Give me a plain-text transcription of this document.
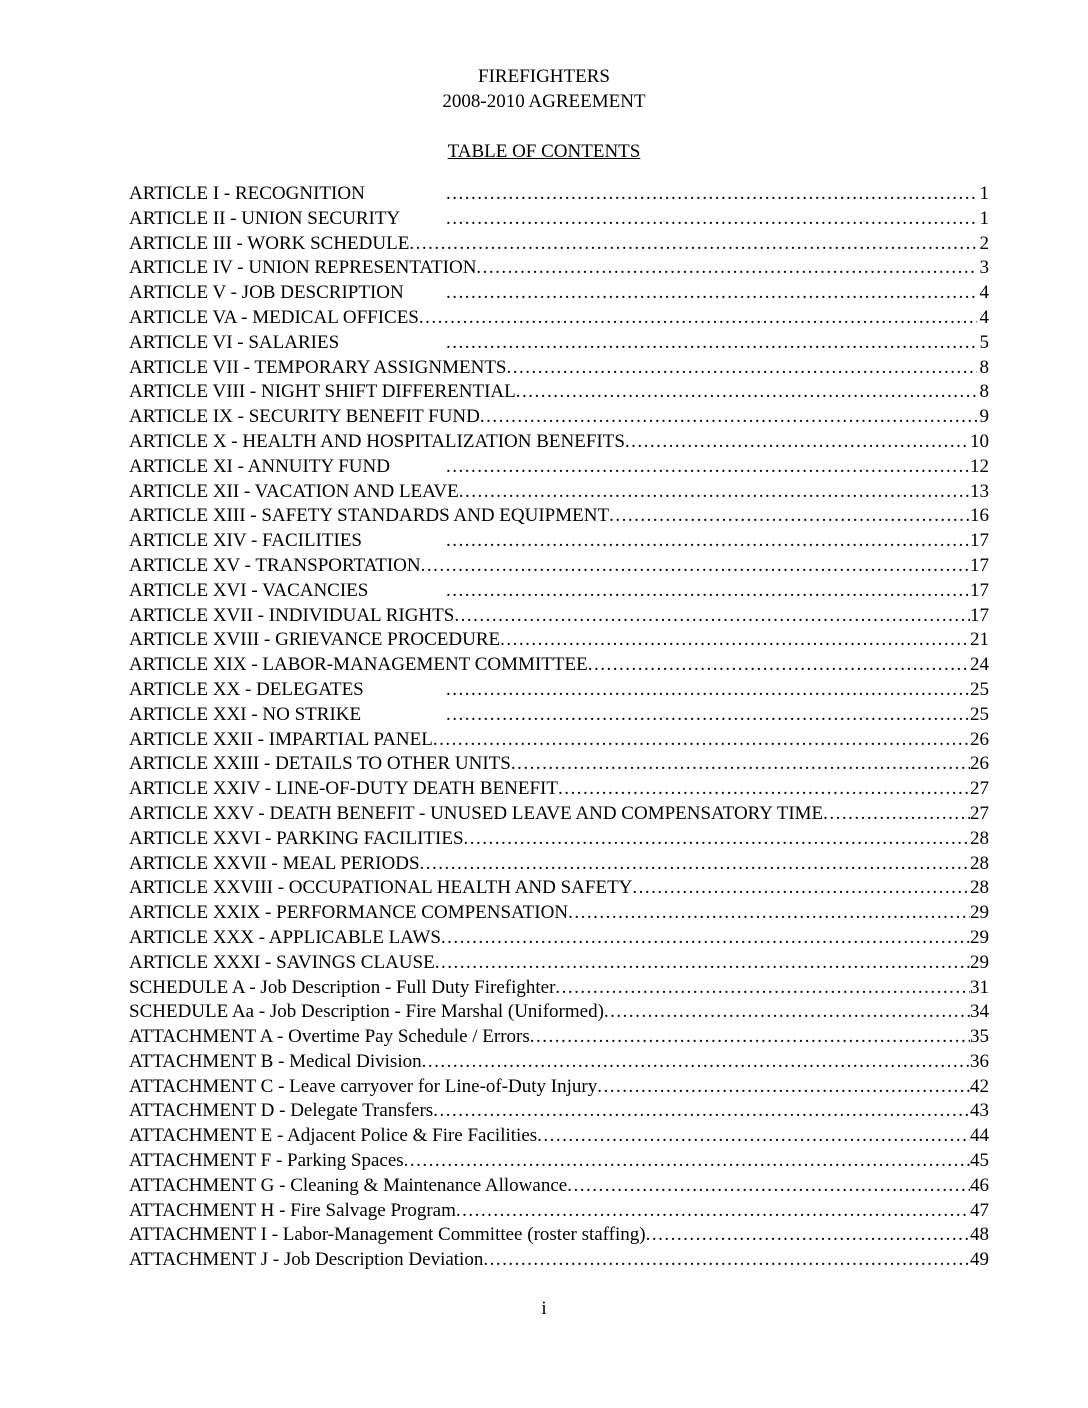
FIREFIGHTERS
2008-2010 AGREEMENT
TABLE OF CONTENTS
ARTICLE I - RECOGNITION .....	1
ARTICLE II - UNION SECURITY .....	1
ARTICLE III - WORK SCHEDULE .....	2
ARTICLE IV - UNION REPRESENTATION .....	3
ARTICLE V - JOB DESCRIPTION .....	4
ARTICLE VA - MEDICAL OFFICES .....	4
ARTICLE VI - SALARIES .....	5
ARTICLE VII - TEMPORARY ASSIGNMENTS .....	8
ARTICLE VIII - NIGHT SHIFT DIFFERENTIAL .....	8
ARTICLE IX - SECURITY BENEFIT FUND .....	9
ARTICLE X - HEALTH AND HOSPITALIZATION BENEFITS .....	10
ARTICLE XI - ANNUITY FUND .....	12
ARTICLE XII - VACATION AND LEAVE .....	13
ARTICLE XIII - SAFETY STANDARDS AND EQUIPMENT .....	16
ARTICLE XIV - FACILITIES .....	17
ARTICLE XV - TRANSPORTATION .....	17
ARTICLE XVI - VACANCIES .....	17
ARTICLE XVII - INDIVIDUAL RIGHTS .....	17
ARTICLE XVIII - GRIEVANCE PROCEDURE .....	21
ARTICLE XIX - LABOR-MANAGEMENT COMMITTEE .....	24
ARTICLE XX - DELEGATES .....	25
ARTICLE XXI - NO STRIKE .....	25
ARTICLE XXII - IMPARTIAL PANEL .....	26
ARTICLE XXIII - DETAILS TO OTHER UNITS .....	26
ARTICLE XXIV - LINE-OF-DUTY DEATH BENEFIT .....	27
ARTICLE XXV - DEATH BENEFIT - UNUSED LEAVE AND COMPENSATORY TIME .....	27
ARTICLE XXVI - PARKING FACILITIES .....	28
ARTICLE XXVII - MEAL PERIODS .....	28
ARTICLE XXVIII - OCCUPATIONAL HEALTH AND SAFETY .....	28
ARTICLE XXIX - PERFORMANCE COMPENSATION .....	29
ARTICLE XXX - APPLICABLE LAWS .....	29
ARTICLE XXXI - SAVINGS CLAUSE .....	29
SCHEDULE A - Job Description - Full Duty Firefighter .....	31
SCHEDULE Aa - Job Description - Fire Marshal (Uniformed) .....	34
ATTACHMENT A - Overtime Pay Schedule / Errors .....	35
ATTACHMENT B - Medical Division .....	36
ATTACHMENT C - Leave carryover for Line-of-Duty Injury .....	42
ATTACHMENT D - Delegate Transfers .....	43
ATTACHMENT E - Adjacent Police & Fire Facilities .....	44
ATTACHMENT F - Parking Spaces .....	45
ATTACHMENT G - Cleaning & Maintenance Allowance .....	46
ATTACHMENT H - Fire Salvage Program .....	47
ATTACHMENT I - Labor-Management Committee (roster staffing) .....	48
ATTACHMENT J - Job Description Deviation .....	49
i
